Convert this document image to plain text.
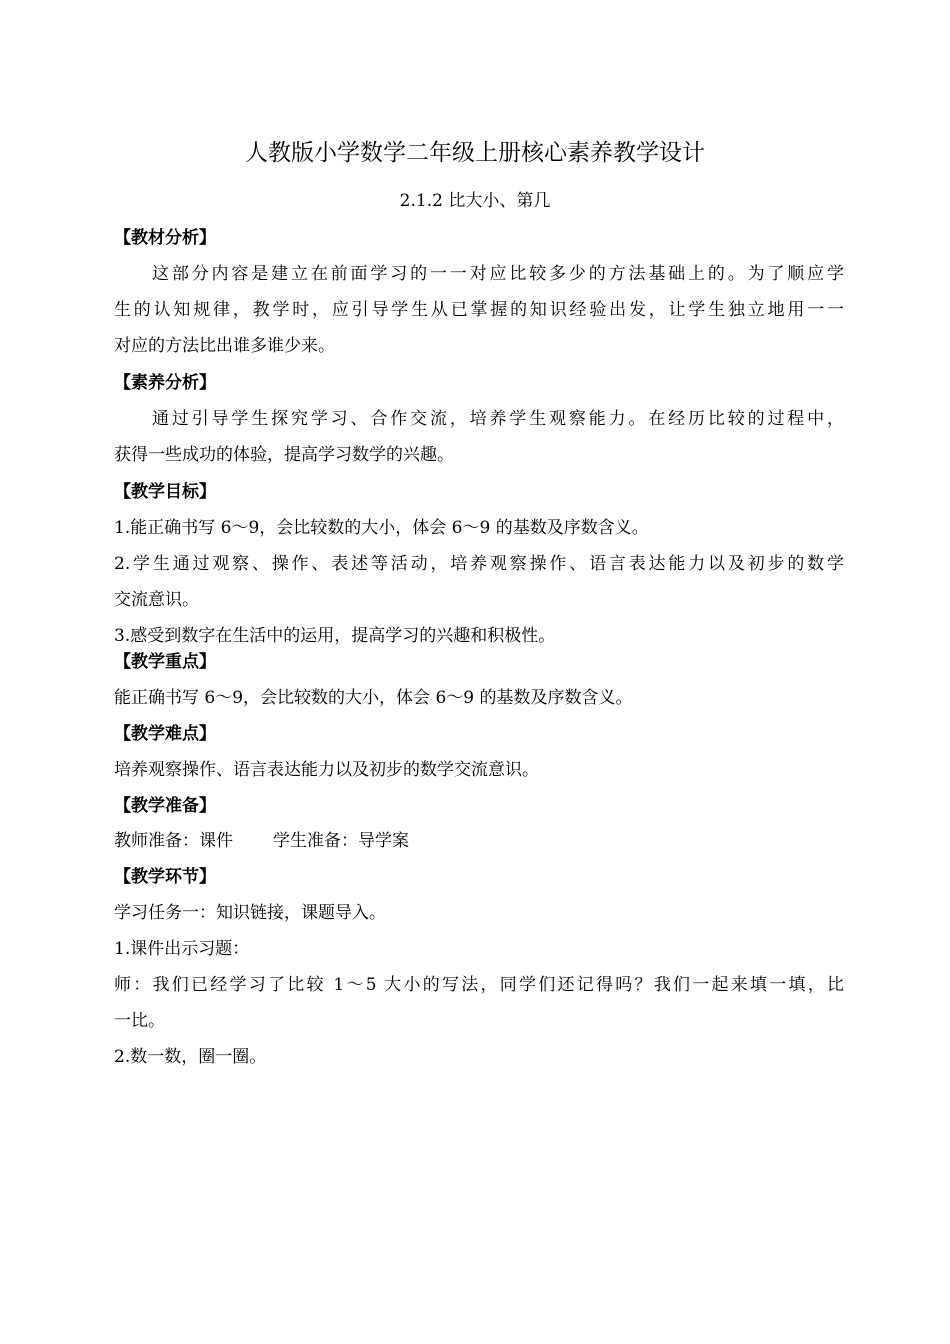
人教版小学数学二年级上册核心素养教学设计
2.1.2 比大小、第几
【教材分析】
这部分内容是建立在前面学习的一一对应比较多少的方法基础上的。为了顺应学
生的认知规律，教学时，应引导学生从已掌握的知识经验出发，让学生独立地用一一
对应的方法比出谁多谁少来。
【素养分析】
通过引导学生探究学习、合作交流，培养学生观察能力。在经历比较的过程中，
获得一些成功的体验，提高学习数学的兴趣。
【教学目标】
1.能正确书写 6～9，会比较数的大小，体会 6～9 的基数及序数含义。
2.学生通过观察、操作、表述等活动，培养观察操作、语言表达能力以及初步的数学
交流意识。
3.感受到数字在生活中的运用，提高学习的兴趣和积极性。
【教学重点】
能正确书写 6～9，会比较数的大小，体会 6～9 的基数及序数含义。
【教学难点】
培养观察操作、语言表达能力以及初步的数学交流意识。
【教学准备】
教师准备：课件 学生准备：导学案
【教学环节】
学习任务一：知识链接，课题导入。
1.课件出示习题：
师：我们已经学习了比较 1～5 大小的写法，同学们还记得吗？我们一起来填一填，比
一比。
2.数一数，圈一圈。
